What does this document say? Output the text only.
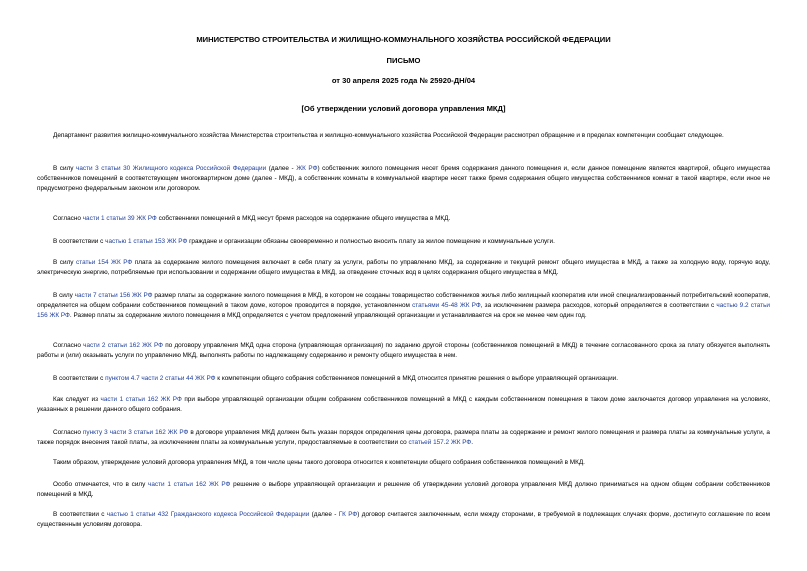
МИНИСТЕРСТВО СТРОИТЕЛЬСТВА И ЖИЛИЩНО-КОММУНАЛЬНОГО ХОЗЯЙСТВА РОССИЙСКОЙ ФЕДЕРАЦИИ
ПИСЬМО
от 30 апреля 2025 года № 25920-ДН/04
[Об утверждении условий договора управления МКД]

Департамент развития жилищно-коммунального хозяйства Министерства строительства и жилищно-коммунального хозяйства Российской Федерации рассмотрел обращение и в пределах компетенции сообщает следующее.

В силу части 3 статьи 30 Жилищного кодекса Российской Федерации (далее - ЖК РФ) собственник жилого помещения несет бремя содержания данного помещения и, если данное помещение является квартирой, общего имущества собственников помещений в соответствующем многоквартирном доме (далее - МКД), а собственник комнаты в коммунальной квартире несет также бремя содержания общего имущества собственников комнат в такой квартире, если иное не предусмотрено федеральным законом или договором.

Согласно части 1 статьи 39 ЖК РФ собственники помещений в МКД несут бремя расходов на содержание общего имущества в МКД.

В соответствии с частью 1 статьи 153 ЖК РФ граждане и организации обязаны своевременно и полностью вносить плату за жилое помещение и коммунальные услуги.

В силу статьи 154 ЖК РФ плата за содержание жилого помещения включает в себя плату за услуги, работы по управлению МКД, за содержание и текущий ремонт общего имущества в МКД, а также за холодную воду, горячую воду, электрическую энергию, потребляемые при использовании и содержании общего имущества в МКД, за отведение сточных вод в целях содержания общего имущества в МКД.

В силу части 7 статьи 156 ЖК РФ размер платы за содержание жилого помещения в МКД, в котором не созданы товарищество собственников жилья либо жилищный кооператив или иной специализированный потребительский кооператив, определяется на общем собрании собственников помещений в таком доме, которое проводится в порядке, установленном статьями 45-48 ЖК РФ, за исключением размера расходов, который определяется в соответствии с частью 9.2 статьи 156 ЖК РФ. Размер платы за содержание жилого помещения в МКД определяется с учетом предложений управляющей организации и устанавливается на срок не менее чем один год.

Согласно части 2 статьи 162 ЖК РФ по договору управления МКД одна сторона (управляющая организация) по заданию другой стороны (собственников помещений в МКД) в течение согласованного срока за плату обязуется выполнять работы и (или) оказывать услуги по управлению МКД, выполнять работы по надлежащему содержанию и ремонту общего имущества в нем.

В соответствии с пунктом 4.7 части 2 статьи 44 ЖК РФ к компетенции общего собрания собственников помещений в МКД относится принятие решения о выборе управляющей организации.

Как следует из части 1 статьи 162 ЖК РФ при выборе управляющей организации общим собранием собственников помещений в МКД с каждым собственником помещения в таком доме заключается договор управления на условиях, указанных в решении данного общего собрания.

Согласно пункту 3 части 3 статьи 162 ЖК РФ в договоре управления МКД должен быть указан порядок определения цены договора, размера платы за содержание и ремонт жилого помещения и размера платы за коммунальные услуги, а также порядок внесения такой платы, за исключением платы за коммунальные услуги, предоставляемые в соответствии со статьей 157.2 ЖК РФ.

Таким образом, утверждение условий договора управления МКД, в том числе цены такого договора относится к компетенции общего собрания собственников помещений в МКД.

Особо отмечается, что в силу части 1 статьи 162 ЖК РФ решение о выборе управляющей организации и решение об утверждении условий договора управления МКД должно приниматься на одном общем собрании собственников помещений в МКД.

В соответствии с частью 1 статьи 432 Гражданского кодекса Российской Федерации (далее - ГК РФ) договор считается заключенным, если между сторонами, в требуемой в подлежащих случаях форме, достигнуто соглашение по всем существенным условиям договора.
